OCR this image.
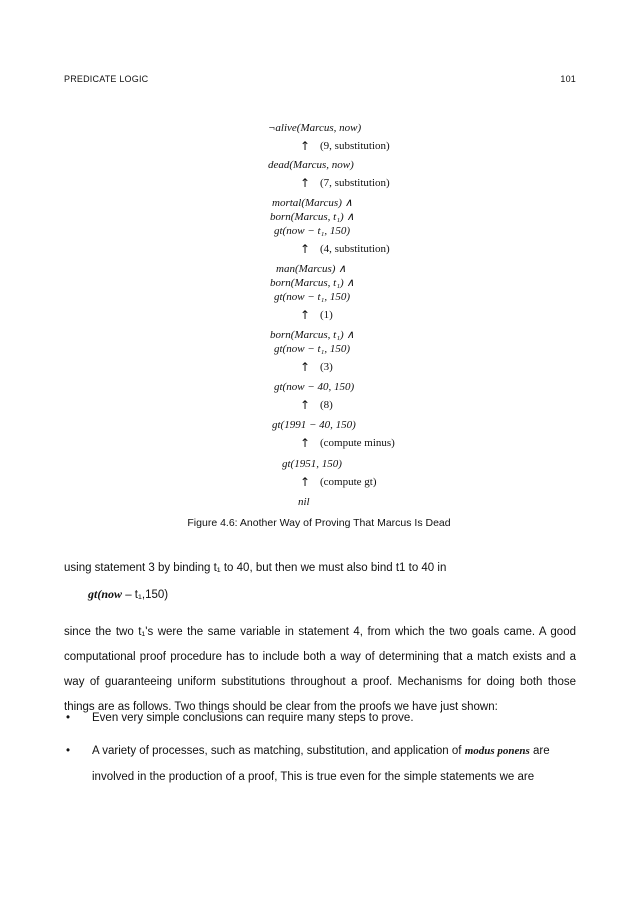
PREDICATE LOGIC	101
¬alive(Marcus, now)
↑ (9, substitution)
dead(Marcus, now)
↑ (7, substitution)
mortal(Marcus) ∧
born(Marcus, t₁) ∧
gt(now − t₁, 150)
↑ (4, substitution)
man(Marcus) ∧
born(Marcus, t₁) ∧
gt(now − t₁, 150)
↑ (1)
born(Marcus, t₁) ∧
gt(now − t₁, 150)
↑ (3)
gt(now − 40, 150)
↑ (8)
gt(1991 − 40, 150)
↑ (compute minus)
gt(1951, 150)
↑ (compute gt)
nil
Figure 4.6: Another Way of Proving That Marcus Is Dead
using statement 3 by binding t₁ to 40, but then we must also bind t1 to 40 in
gt(now – t₁,150)
since the two t₁'s were the same variable in statement 4, from which the two goals came. A good computational proof procedure has to include both a way of determining that a match exists and a way of guaranteeing uniform substitutions throughout a proof. Mechanisms for doing both those things are as follows. Two things should be clear from the proofs we have just shown:
•	Even very simple conclusions can require many steps to prove.
•	A variety of processes, such as matching, substitution, and application of modus ponens are
involved in the production of a proof, This is true even for the simple statements we are
